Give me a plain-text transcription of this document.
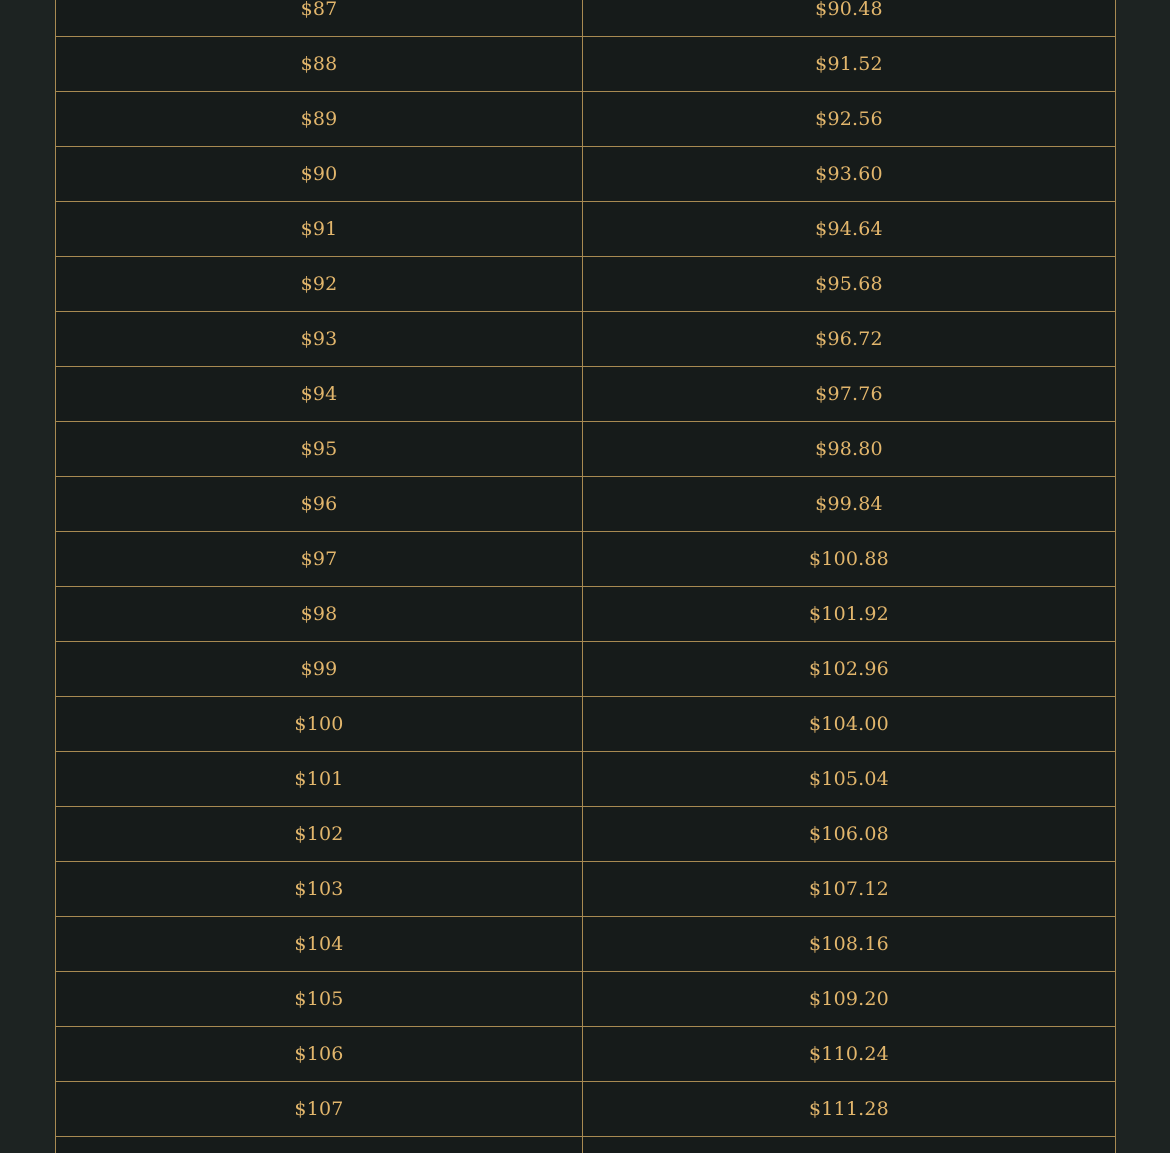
$87	$90.48
$88	$91.52
$89	$92.56
$90	$93.60
$91	$94.64
$92	$95.68
$93	$96.72
$94	$97.76
$95	$98.80
$96	$99.84
$97	$100.88
$98	$101.92
$99	$102.96
$100	$104.00
$101	$105.04
$102	$106.08
$103	$107.12
$104	$108.16
$105	$109.20
$106	$110.24
$107	$111.28
